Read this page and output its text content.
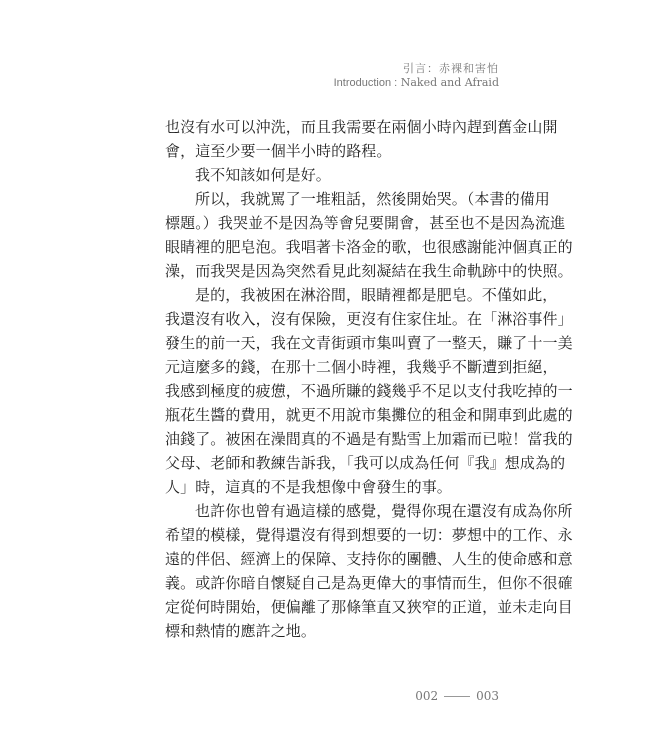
引言：赤裸和害怕
Introduction : Naked and Afraid
也沒有水可以沖洗，而且我需要在兩個小時內趕到舊金山開
會，這至少要一個半小時的路程。
我不知該如何是好。
所以，我就罵了一堆粗話，然後開始哭。（本書的備用
標題。）我哭並不是因為等會兒要開會，甚至也不是因為流進
眼睛裡的肥皂泡。我唱著卡洛金的歌，也很感謝能沖個真正的
澡，而我哭是因為突然看見此刻凝結在我生命軌跡中的快照。
是的，我被困在淋浴間，眼睛裡都是肥皂。不僅如此，
我還沒有收入，沒有保險，更沒有住家住址。在「淋浴事件」
發生的前一天，我在文青街頭市集叫賣了一整天，賺了十一美
元這麼多的錢，在那十二個小時裡，我幾乎不斷遭到拒絕，
我感到極度的疲憊，不過所賺的錢幾乎不足以支付我吃掉的一
瓶花生醬的費用，就更不用說市集攤位的租金和開車到此處的
油錢了。被困在澡間真的不過是有點雪上加霜而已啦！當我的
父母、老師和教練告訴我，「我可以成為任何『我』想成為的
人」時，這真的不是我想像中會發生的事。
也許你也曾有過這樣的感覺，覺得你現在還沒有成為你所
希望的模樣，覺得還沒有得到想要的一切：夢想中的工作、永
遠的伴侶、經濟上的保障、支持你的團體、人生的使命感和意
義。或許你暗自懷疑自己是為更偉大的事情而生，但你不很確
定從何時開始，便偏離了那條筆直又狹窄的正道，並未走向目
標和熱情的應許之地。
002	003
